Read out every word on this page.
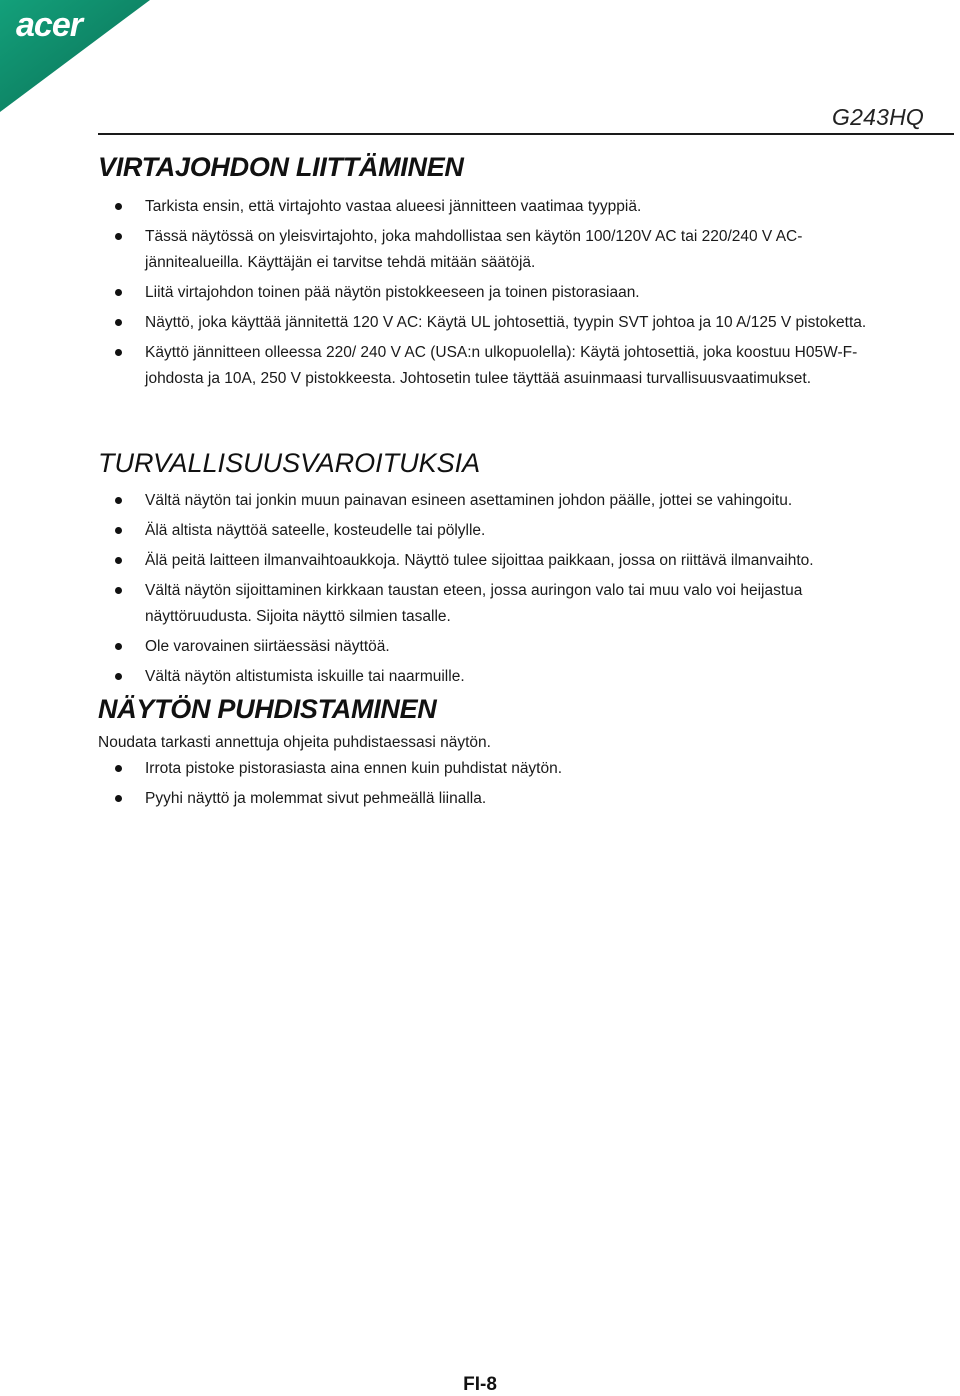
acer
G243HQ
VIRTAJOHDON LIITTÄMINEN
Tarkista ensin, että virtajohto vastaa alueesi jännitteen vaatimaa tyyppiä.
Tässä näytössä on yleisvirtajohto, joka mahdollistaa sen käytön 100/120V AC tai 220/240 V AC-jännitealueilla. Käyttäjän ei tarvitse tehdä mitään säätöjä.
Liitä virtajohdon toinen pää näytön pistokkeeseen ja toinen pistorasiaan.
Näyttö, joka käyttää jännitettä 120 V AC: Käytä UL johtosettiä, tyypin SVT johtoa ja 10 A/125 V pistoketta.
Käyttö jännitteen olleessa 220/ 240 V AC (USA:n ulkopuolella): Käytä johtosettiä, joka koostuu H05W-F-johdosta ja 10A, 250 V pistokkeesta. Johtosetin tulee täyttää asuinmaasi turvallisuusvaatimukset.
TURVALLISUUSVAROITUKSIA
Vältä näytön tai jonkin muun painavan esineen asettaminen johdon päälle, jottei se vahingoitu.
Älä altista näyttöä sateelle, kosteudelle tai pölylle.
Älä peitä laitteen ilmanvaihtoaukkoja. Näyttö tulee sijoittaa paikkaan, jossa on riittävä ilmanvaihto.
Vältä näytön sijoittaminen kirkkaan taustan eteen, jossa auringon valo tai muu valo voi heijastua näyttöruudusta. Sijoita näyttö silmien tasalle.
Ole varovainen siirtäessäsi näyttöä.
Vältä näytön altistumista iskuille tai naarmuille.
NÄYTÖN PUHDISTAMINEN

Noudata tarkasti annettuja ohjeita puhdistaessasi näytön.

Irrota pistoke pistorasiasta aina ennen kuin puhdistat näytön.
Pyyhi näyttö ja molemmat sivut pehmeällä liinalla.
FI-8
